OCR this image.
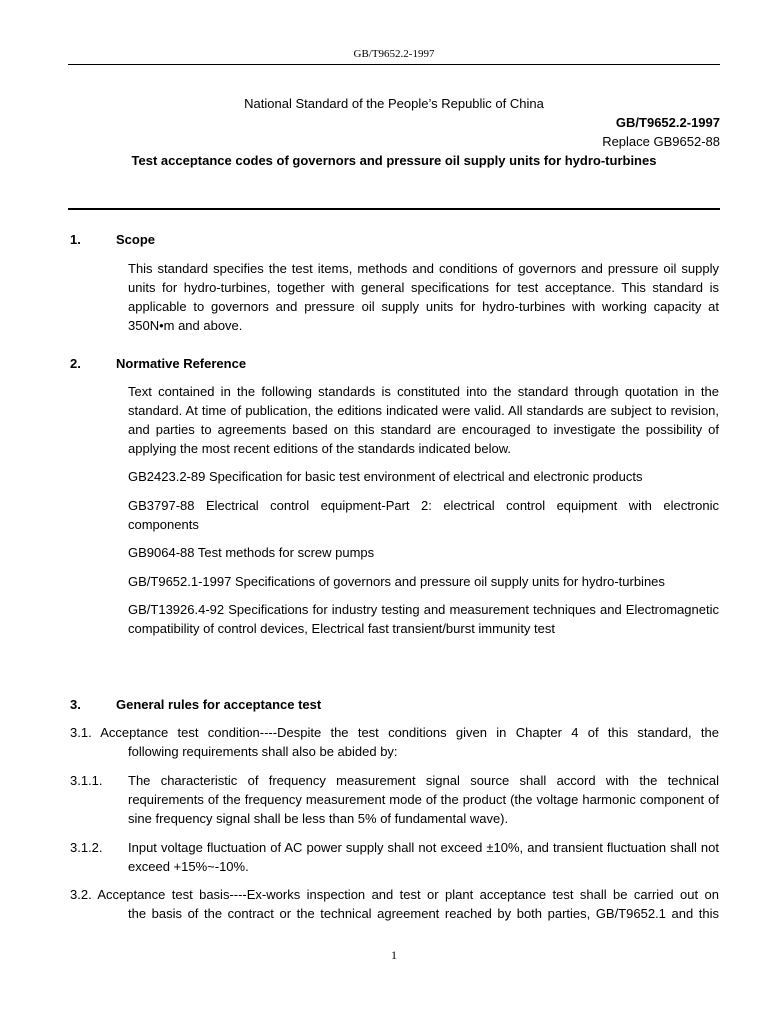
GB/T9652.2-1997
National Standard of the People’s Republic of China
GB/T9652.2-1997
Replace GB9652-88
Test acceptance codes of governors and pressure oil supply units for hydro-turbines
1.	Scope
This standard specifies the test items, methods and conditions of governors and pressure oil supply units for hydro-turbines, together with general specifications for test acceptance. This standard is applicable to governors and pressure oil supply units for hydro-turbines with working capacity at 350N•m and above.
2.	Normative Reference
Text contained in the following standards is constituted into the standard through quotation in the standard. At time of publication, the editions indicated were valid. All standards are subject to revision, and parties to agreements based on this standard are encouraged to investigate the possibility of applying the most recent editions of the standards indicated below.
GB2423.2-89 Specification for basic test environment of electrical and electronic products
GB3797-88 Electrical control equipment-Part 2: electrical control equipment with electronic components
GB9064-88 Test methods for screw pumps
GB/T9652.1-1997 Specifications of governors and pressure oil supply units for hydro-turbines
GB/T13926.4-92 Specifications for industry testing and measurement techniques and Electromagnetic compatibility of control devices, Electrical fast transient/burst immunity test
3.	General rules for acceptance test
3.1. Acceptance test condition----Despite the test conditions given in Chapter 4 of this standard, the
following requirements shall also be abided by:
3.1.1. The characteristic of frequency measurement signal source shall accord with the technical requirements of the frequency measurement mode of the product (the voltage harmonic component of sine frequency signal shall be less than 5% of fundamental wave).
3.1.2. Input voltage fluctuation of AC power supply shall not exceed ±10%, and transient fluctuation shall not exceed +15%~-10%.
3.2. Acceptance test basis----Ex-works inspection and test or plant acceptance test shall be carried out on
the basis of the contract or the technical agreement reached by both parties, GB/T9652.1 and this
1
